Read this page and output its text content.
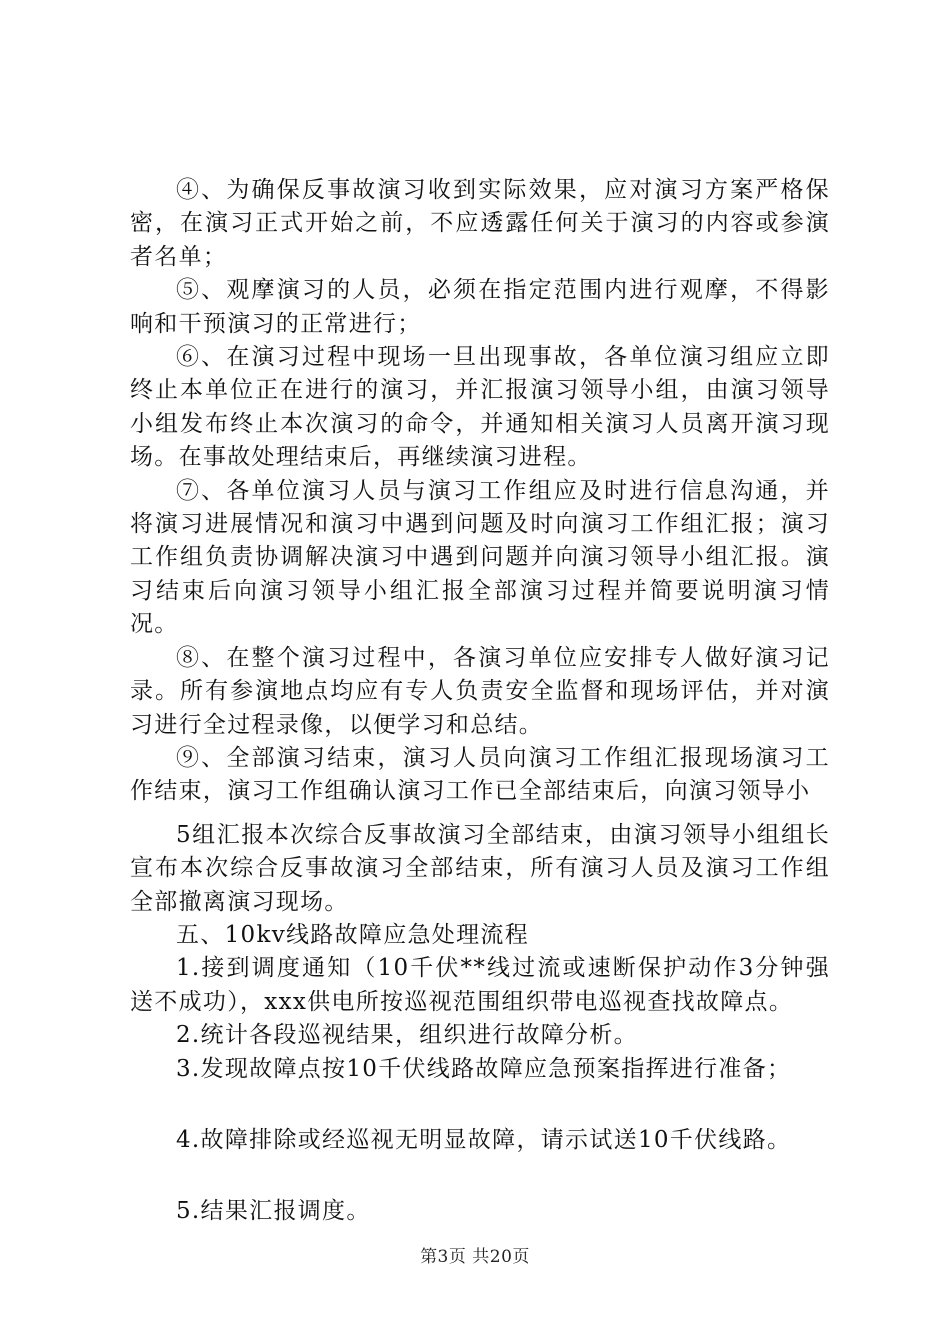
④、为确保反事故演习收到实际效果，应对演习方案严格保密，在演习正式开始之前，不应透露任何关于演习的内容或参演者名单；

⑤、观摩演习的人员，必须在指定范围内进行观摩，不得影响和干预演习的正常进行；

⑥、在演习过程中现场一旦出现事故，各单位演习组应立即终止本单位正在进行的演习，并汇报演习领导小组，由演习领导小组发布终止本次演习的命令，并通知相关演习人员离开演习现场。在事故处理结束后，再继续演习进程。

⑦、各单位演习人员与演习工作组应及时进行信息沟通，并将演习进展情况和演习中遇到问题及时向演习工作组汇报；演习工作组负责协调解决演习中遇到问题并向演习领导小组汇报。演习结束后向演习领导小组汇报全部演习过程并简要说明演习情况。

⑧、在整个演习过程中，各演习单位应安排专人做好演习记录。所有参演地点均应有专人负责安全监督和现场评估，并对演习进行全过程录像，以便学习和总结。

⑨、全部演习结束，演习人员向演习工作组汇报现场演习工作结束，演习工作组确认演习工作已全部结束后，向演习领导小

5组汇报本次综合反事故演习全部结束，由演习领导小组组长宣布本次综合反事故演习全部结束，所有演习人员及演习工作组全部撤离演习现场。

五、10kv线路故障应急处理流程

1.接到调度通知（10千伏**线过流或速断保护动作3分钟强送不成功），xxx供电所按巡视范围组织带电巡视查找故障点。

2.统计各段巡视结果，组织进行故障分析。

3.发现故障点按10千伏线路故障应急预案指挥进行准备；

4.故障排除或经巡视无明显故障，请示试送10千伏线路。

5.结果汇报调度。

第3页 共20页
